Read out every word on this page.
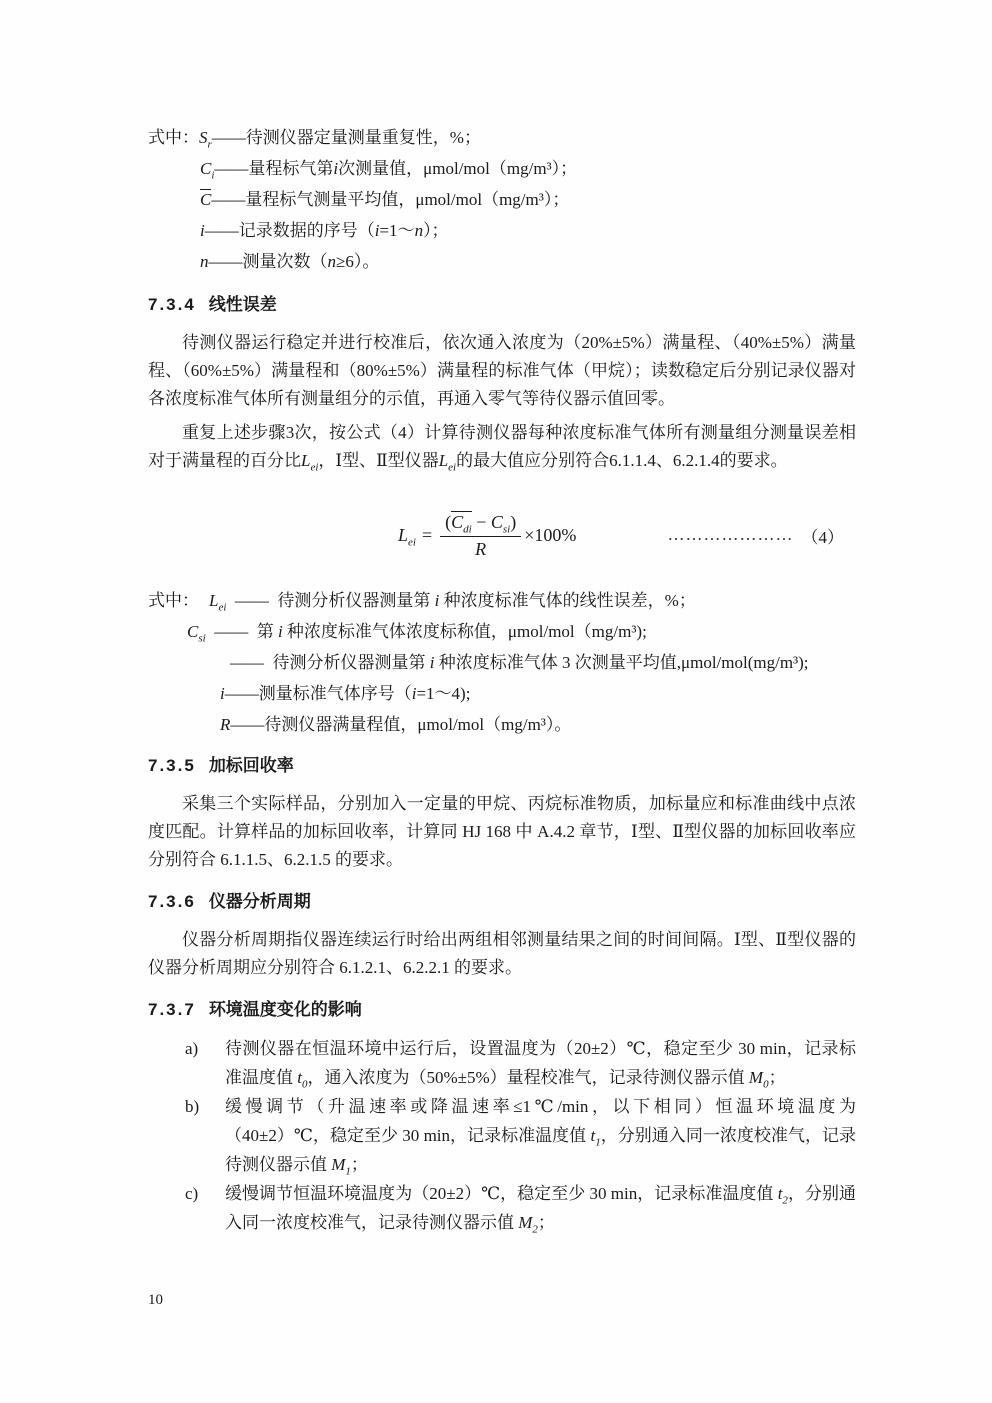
式中： $S_r——$待测仪器定量测量重复性，%；
$C_i——$量程标气第i次测量值，μmol/mol（mg/m³）；
C——量程标气测量平均值，μmol/mol（mg/m³）；
i——记录数据的序号（i=1～n）；
n——测量次数（n≥6）。
7.3.4 线性误差

待测仪器运行稳定并进行校准后，依次通入浓度为（20%±5%）满量程、（40%±5%）满量程、（60%±5%）满量程和（80%±5%）满量程的标准气体（甲烷）；读数稳定后分别记录仪器对各浓度标准气体所有测量组分的示值，再通入零气等待仪器示值回零。

重复上述步骤3次，按公式（4）计算待测仪器每种浓度标准气体所有测量组分测量误差相对于满量程的百分比$L_{ei}$，Ⅰ型、Ⅱ型仪器$L_{ei}$的最大值应分别符合6.1.1.4、6.2.1.4的要求。

$L_{ei} = \frac{(C_{di} - C_{si})}{R} \times 100\%$	………………… （4）
式中： $L_{ei}$  ——  待测分析仪器测量第 i 种浓度标准气体的线性误差，%；
$C_{si}$  ——  第 i 种浓度标准气体浓度标称值，μmol/mol（mg/m³);
——  待测分析仪器测量第 i 种浓度标准气体 3 次测量平均值,μmol/mol(mg/m³);
i——测量标准气体序号（i=1～4);
R——待测仪器满量程值，μmol/mol（mg/m³）。
7.3.5 加标回收率

采集三个实际样品，分别加入一定量的甲烷、丙烷标准物质，加标量应和标准曲线中点浓度匹配。计算样品的加标回收率，计算同 HJ 168 中 A.4.2 章节，Ⅰ型、Ⅱ型仪器的加标回收率应分别符合 6.1.1.5、6.2.1.5 的要求。

7.3.6 仪器分析周期

仪器分析周期指仪器连续运行时给出两组相邻测量结果之间的时间间隔。Ⅰ型、Ⅱ型仪器的仪器分析周期应分别符合 6.1.2.1、6.2.2.1 的要求。

7.3.7 环境温度变化的影响
a)	待测仪器在恒温环境中运行后，设置温度为（20±2）℃，稳定至少 30 min，记录标准温度值 $t_0$，通入浓度为（50%±5%）量程校准气，记录待测仪器示值 $M_0$；
b)	缓慢调节（升温速率或降温速率≤1℃/min，以下相同）恒温环境温度为（40±2）℃，稳定至少 30 min，记录标准温度值 $t_1$，分别通入同一浓度校准气，记录待测仪器示值 $M_1$；
c)	缓慢调节恒温环境温度为（20±2）℃，稳定至少 30 min，记录标准温度值 $t_2$，分别通入同一浓度校准气，记录待测仪器示值 $M_2$；
10
